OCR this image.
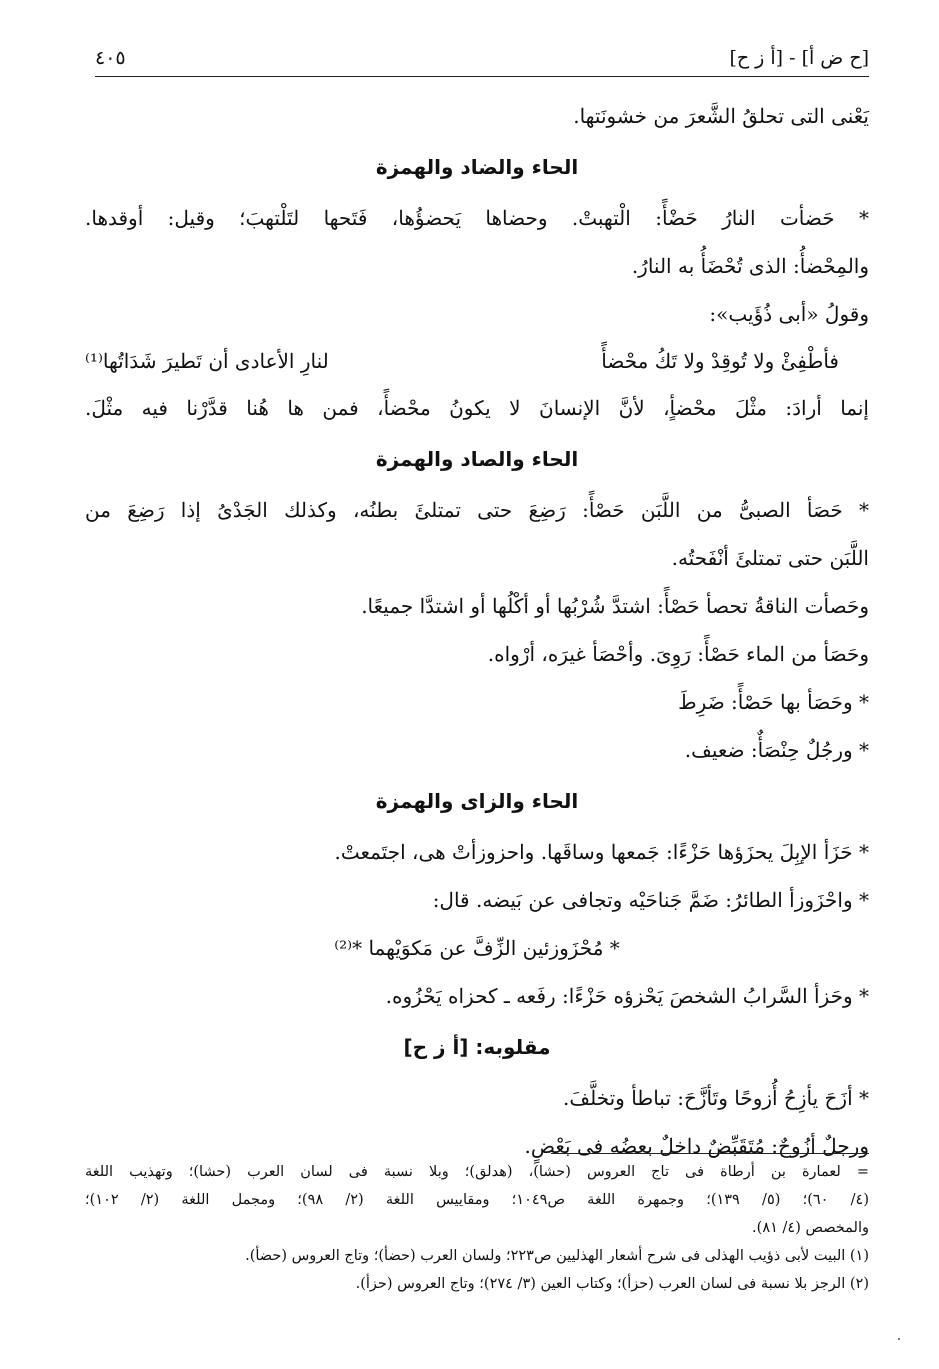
[ح ض أ] - [أ ز ح]
٤٠٥
يَعْنى التى تحلقُ الشَّعرَ من خشونَتها.
الحاء والضاد والهمزة
* حَضأت النارُ حَضْأً: الْتهبتْ. وحضاها يَحضؤُها، فَتَحها لتَلْتهبَ؛ وقيل: أوقدها.
والمِحْضأُ: الذى تُحْضَأُ به النارُ.
وقولُ «أبى ذُؤَيب»:
فأطْفِئْ ولا تُوقِدْ ولا تَكُ محْضأً
لنارِ الأعادى أن تَطيرَ شَدَاتُها⁽¹⁾
إنما أرادَ: مثْلَ محْضأٍ، لأنَّ الإنسانَ لا يكونُ محْضأً، فمن ها هُنا قدَّرْنا فيه مثْلَ.
الحاء والصاد والهمزة
* حَصَأ الصبىُّ من اللَّبَن حَصْأً: رَضِعَ حتى تمتلئَ بطنُه، وكذلك الجَدْىُ إذا رَضِعَ من
اللَّبَن حتى تمتلئَ أنْفَحتُه.
وحَصأت الناقةُ تحصأ حَصْأً: اشتدَّ شُرْبُها أو أكْلُها أو اشتدَّا جميعًا.
وحَصَأ من الماء حَصْأً: رَوِىَ. وأحْصَأ غيرَه، أرْواه.
* وحَصَأ بها حَصْأً: ضَرِطَ
* ورجُلٌ حِنْصَأٌ: ضعيف.
الحاء والزاى والهمزة
* حَزَأ الإبِلَ يحزَؤها حَزْءًا: جَمعها وساقَها. واحزوزأتْ هى، اجتَمعتْ.
* واحْزَوزأ الطائرُ: ضَمَّ جَناحَيْه وتجافى عن بَيضه. قال:
* مُحْزَوزئين الزِّفَّ عن مَكوَيْهما *⁽²⁾
* وحَزأ السَّرابُ الشخصَ يَحْزؤه حَزْءًا: رفَعه ـ كحزاه يَحْزُوه.
مقلوبه: [أ ز ح]
* أزَحَ يأزِحُ أُزوحًا وتَأزَّحَ: تباطأ وتخلَّفَ.
ورجلٌ أزُوحٌ: مُتَقَبِّضٌ داخلٌ بعضُه فى بَعْضٍ.
= لعمارة بن أرطاة فى تاج العروس (حشا)، (هدلق)؛ وبلا نسبة فى لسان العرب (حشا)؛ وتهذيب اللغة
(٤/ ٦٠)؛ (٥/ ١٣٩)؛ وجمهرة اللغة ص١٠٤٩؛ ومقاييس اللغة (٢/ ٩٨)؛ ومجمل اللغة (٢/ ١٠٢)؛
والمخصص (٤/ ٨١).
(١) البيت لأبى ذؤيب الهذلى فى شرح أشعار الهذليين ص٢٢٣؛ ولسان العرب (حضأ)؛ وتاج العروس (حضأ).
(٢) الرجز بلا نسبة فى لسان العرب (حزأ)؛ وكتاب العين (٣/ ٢٧٤)؛ وتاج العروس (حزأ).
